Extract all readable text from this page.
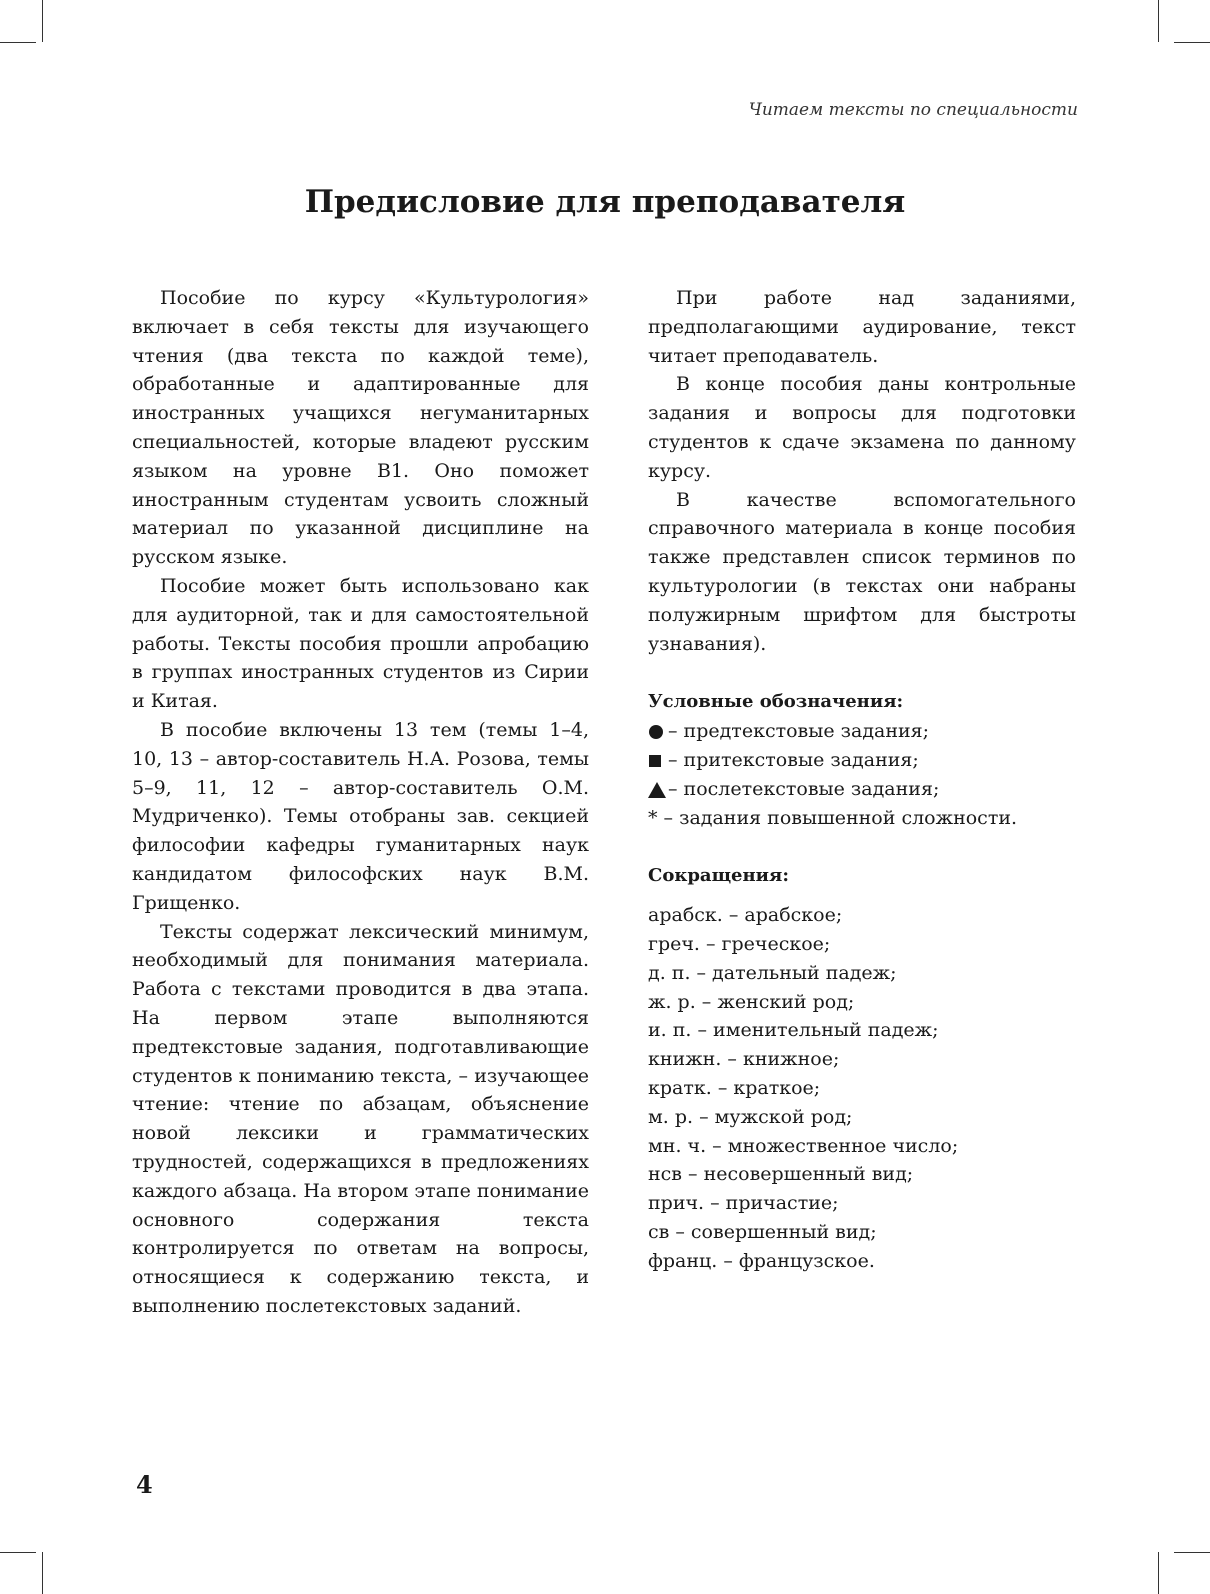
Читаем тексты по специальности
Предисловие для преподавателя

Пособие по курсу «Культурология» включает в себя тексты для изучающего чтения (два текста по каждой теме), обработанные и адаптированные для иностранных учащихся негуманитарных специальностей, которые владеют русским языком на уровне В1. Оно поможет иностранным студентам усвоить сложный материал по указанной дисциплине на русском языке.

Пособие может быть использовано как для аудиторной, так и для самостоятельной работы. Тексты пособия прошли апробацию в группах иностранных студентов из Сирии и Китая.

В пособие включены 13 тем (темы 1–4, 10, 13 – автор-составитель Н.А. Розова, темы 5–9, 11, 12 – автор-составитель О.М. Мудриченко). Темы отобраны зав. секцией философии кафедры гуманитарных наук кандидатом философских наук В.М. Грищенко.

Тексты содержат лексический минимум, необходимый для понимания материала. Работа с текстами проводится в два этапа. На первом этапе выполняются предтекстовые задания, подготавливающие студентов к пониманию текста, – изучающее чтение: чтение по абзацам, объяснение новой лексики и грамматических трудностей, содержащихся в предложениях каждого абзаца. На втором этапе понимание основного содержания текста контролируется по ответам на вопросы, относящиеся к содержанию текста, и выполнению послетекстовых заданий.

При работе над заданиями, предполагающими аудирование, текст читает преподаватель.

В конце пособия даны контрольные задания и вопросы для подготовки студентов к сдаче экзамена по данному курсу.

В качестве вспомогательного справочного материала в конце пособия также представлен список терминов по культурологии (в текстах они набраны полужирным шрифтом для быстроты узнавания).

Условные обозначения:
– предтекстовые задания;
– притекстовые задания;
– послетекстовые задания;
* – задания повышенной сложности.
Сокращения:
арабск. – арабское;
греч. – греческое;
д. п. – дательный падеж;
ж. р. – женский род;
и. п. – именительный падеж;
книжн. – книжное;
кратк. – краткое;
м. р. – мужской род;
мн. ч. – множественное число;
нсв – несовершенный вид;
прич. – причастие;
св – совершенный вид;
франц. – французское.
4
